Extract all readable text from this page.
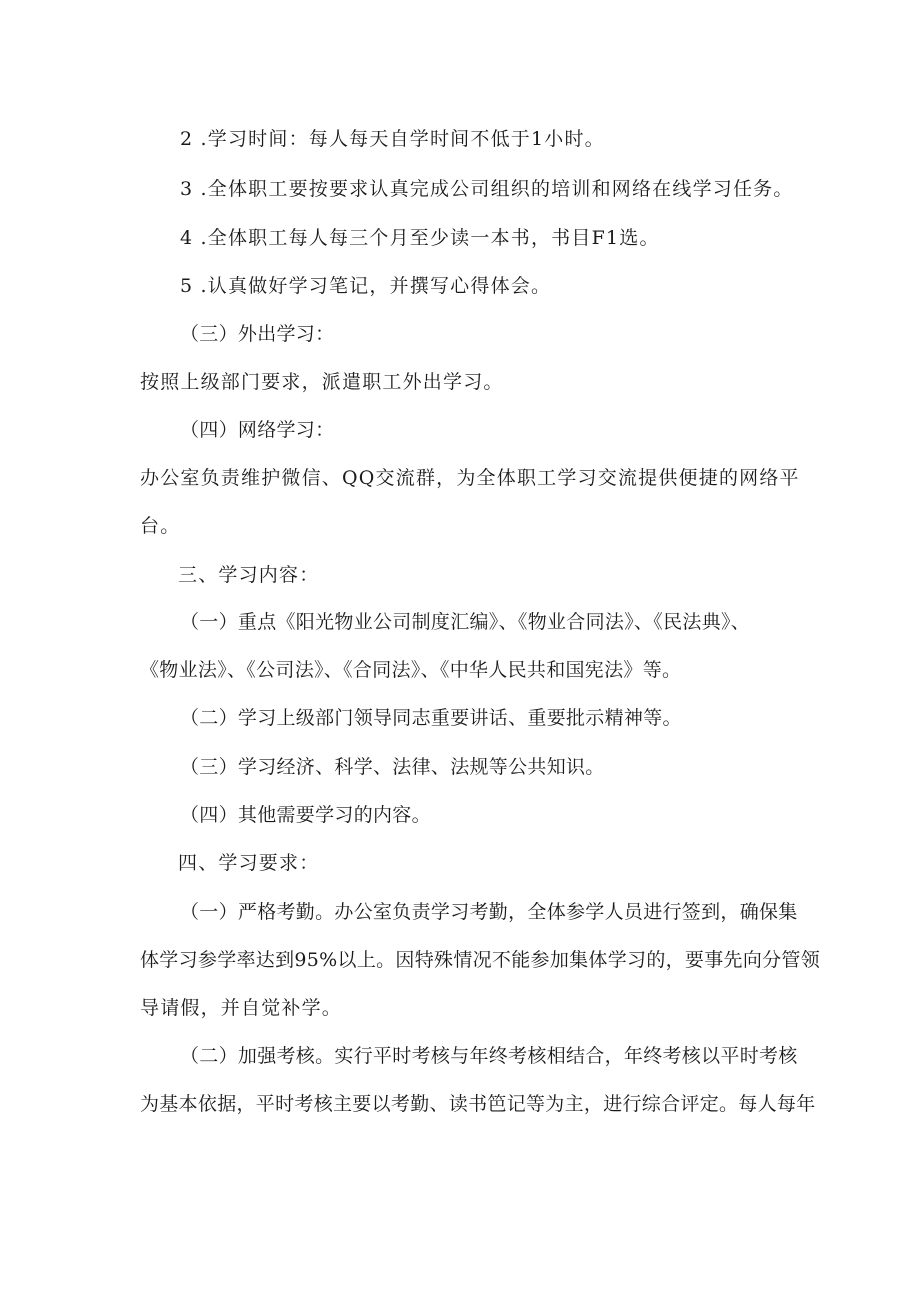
2 .学习时间：每人每天自学时间不低于1小时。
3 .全体职工要按要求认真完成公司组织的培训和网络在线学习任务。
4 .全体职工每人每三个月至少读一本书，书目F1选。
5 .认真做好学习笔记，并撰写心得体会。
（三）外出学习：
按照上级部门要求，派遣职工外出学习。
（四）网络学习：
办公室负责维护微信、QQ交流群，为全体职工学习交流提供便捷的网络平
台。
三、学习内容：
（一）重点《阳光物业公司制度汇编》、《物业合同法》、《民法典》、
《物业法》、《公司法》、《合同法》、《中华人民共和国宪法》等。
（二）学习上级部门领导同志重要讲话、重要批示精神等。
（三）学习经济、科学、法律、法规等公共知识。
（四）其他需要学习的内容。
四、学习要求：
（一）严格考勤。办公室负责学习考勤，全体参学人员进行签到，确保集
体学习参学率达到95%以上。因特殊情况不能参加集体学习的，要事先向分管领
导请假，并自觉补学。
（二）加强考核。实行平时考核与年终考核相结合，年终考核以平时考核
为基本依据，平时考核主要以考勤、读书笆记等为主，进行综合评定。每人每年
